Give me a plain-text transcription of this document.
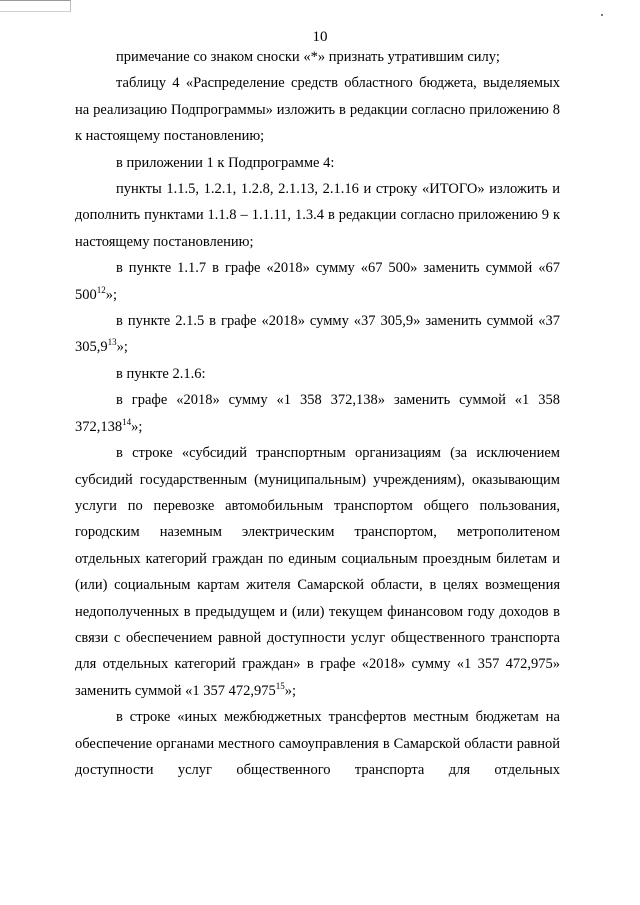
10

примечание со знаком сноски «*» признать утратившим силу;

таблицу 4 «Распределение средств областного бюджета, выделяемых на реализацию Подпрограммы» изложить в редакции согласно приложению 8 к настоящему постановлению;

в приложении 1 к Подпрограмме 4:

пункты 1.1.5, 1.2.1, 1.2.8, 2.1.13, 2.1.16 и строку «ИТОГО» изложить и дополнить пунктами 1.1.8 – 1.1.11, 1.3.4 в редакции согласно приложению 9 к настоящему постановлению;

в пункте 1.1.7 в графе «2018» сумму «67 500» заменить суммой «67 $500^{12}$»;

в пункте 2.1.5 в графе «2018» сумму «37 305,9» заменить суммой «37 305,9$^{13}$»;

в пункте 2.1.6:

в графе «2018» сумму «1 358 372,138» заменить суммой «1 358 372,138$^{14}$»;

в строке «субсидий транспортным организациям (за исключением субсидий государственным (муниципальным) учреждениям), оказывающим услуги по перевозке автомобильным транспортом общего пользования, городским наземным электрическим транспортом, метрополитеном отдельных категорий граждан по единым социальным проездным билетам и (или) социальным картам жителя Самарской области, в целях возмещения недополученных в предыдущем и (или) текущем финансовом году доходов в связи с обеспечением равной доступности услуг общественного транспорта для отдельных категорий граждан» в графе «2018» сумму «1 357 472,975» заменить суммой «1 357 472,975$^{15}$»;

в строке «иных межбюджетных трансфертов местным бюджетам на обеспечение органами местного самоуправления в Самарской области равной доступности услуг общественного транспорта для отдельных
